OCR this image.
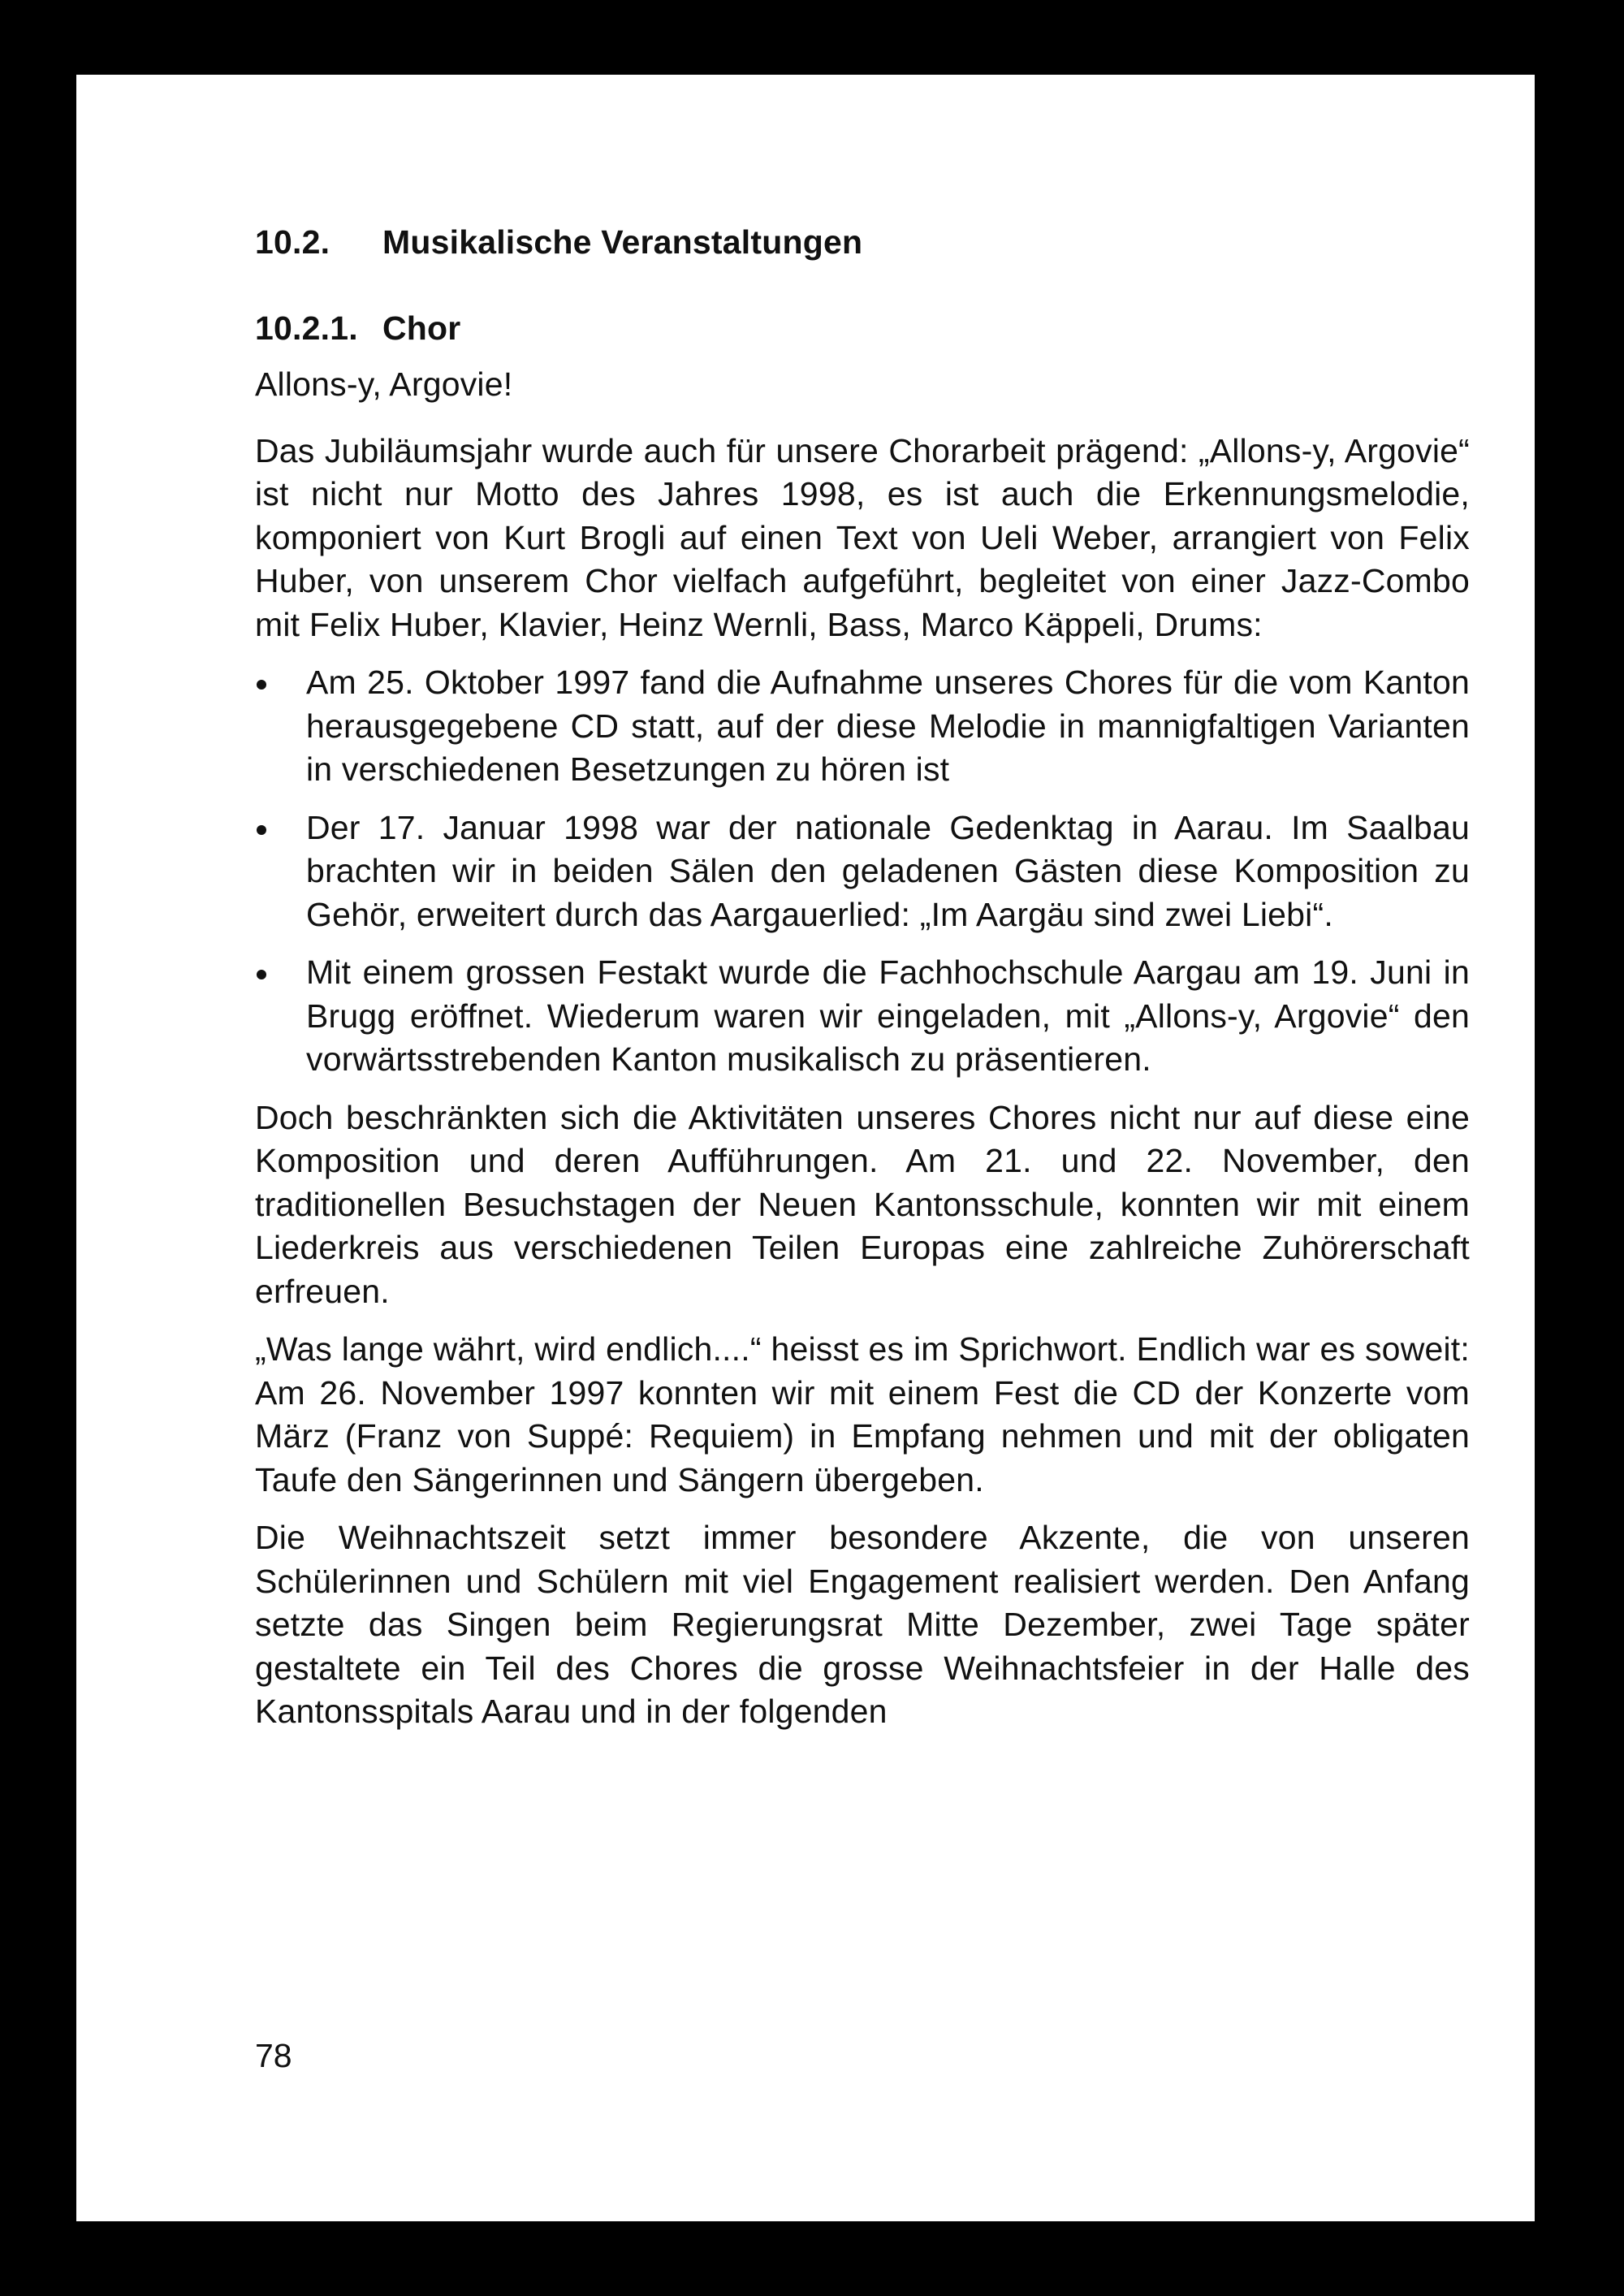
10.2. Musikalische Veranstaltungen
10.2.1. Chor

Allons-y, Argovie!

Das Jubiläumsjahr wurde auch für unsere Chorarbeit prägend: „Allons-y, Argovie“ ist nicht nur Motto des Jahres 1998, es ist auch die Erkennungsmelodie, komponiert von Kurt Brogli auf einen Text von Ueli Weber, arrangiert von Felix Huber, von unserem Chor vielfach aufgeführt, begleitet von einer Jazz-Combo mit Felix Huber, Klavier, Heinz Wernli, Bass, Marco Käppeli, Drums:

Am 25. Oktober 1997 fand die Aufnahme unseres Chores für die vom Kanton herausgegebene CD statt, auf der diese Melodie in mannigfaltigen Varianten in verschiedenen Besetzungen zu hören ist
Der 17. Januar 1998 war der nationale Gedenktag in Aarau. Im Saalbau brachten wir in beiden Sälen den geladenen Gästen diese Komposition zu Gehör, erweitert durch das Aargauerlied: „Im Aargäu sind zwei Liebi“.
Mit einem grossen Festakt wurde die Fachhochschule Aargau am 19. Juni in Brugg eröffnet. Wiederum waren wir eingeladen, mit „Allons-y, Argovie“ den vorwärtsstrebenden Kanton musikalisch zu präsentieren.

Doch beschränkten sich die Aktivitäten unseres Chores nicht nur auf diese eine Komposition und deren Aufführungen. Am 21. und 22. November, den traditionellen Besuchstagen der Neuen Kantonsschule, konnten wir mit einem Liederkreis aus verschiedenen Teilen Europas eine zahlreiche Zuhörerschaft erfreuen.

„Was lange währt, wird endlich....“ heisst es im Sprichwort. Endlich war es soweit: Am 26. November 1997 konnten wir mit einem Fest die CD der Konzerte vom März (Franz von Suppé: Requiem) in Empfang nehmen und mit der obligaten Taufe den Sängerinnen und Sängern übergeben.

Die Weihnachtszeit setzt immer besondere Akzente, die von unseren Schülerinnen und Schülern mit viel Engagement realisiert werden. Den Anfang setzte das Singen beim Regierungsrat Mitte Dezember, zwei Tage später gestaltete ein Teil des Chores die grosse Weihnachtsfeier in der Halle des Kantonsspitals Aarau und in der folgenden

78
